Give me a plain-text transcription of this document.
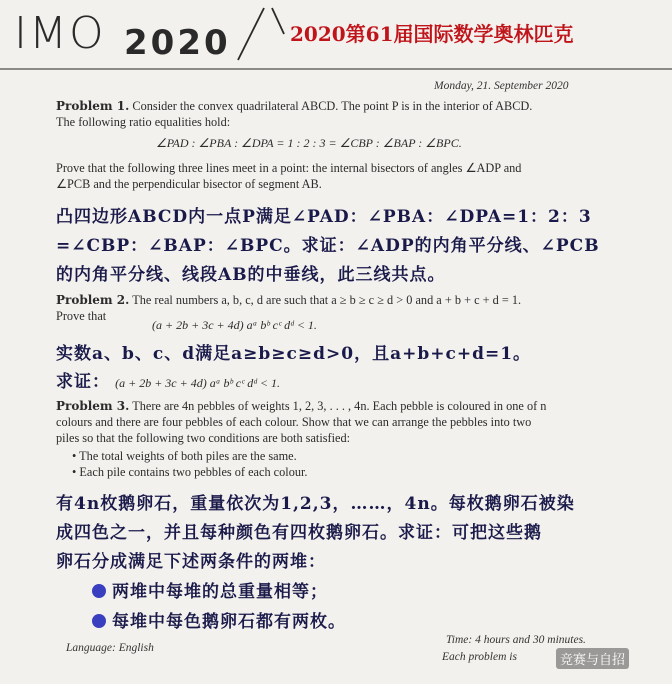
IMO 2020	2020第61届国际数学奥林匹克
Monday, 21. September 2020
Problem 1. Consider the convex quadrilateral ABCD. The point P is in the interior of ABCD.
The following ratio equalities hold:
∠PAD : ∠PBA : ∠DPA = 1 : 2 : 3 = ∠CBP : ∠BAP : ∠BPC.
Prove that the following three lines meet in a point: the internal bisectors of angles ∠ADP and
∠PCB and the perpendicular bisector of segment AB.
凸四边形ABCD内一点P满足∠PAD：∠PBA：∠DPA=1：2：3
=∠CBP：∠BAP：∠BPC。求证：∠ADP的内角平分线、∠PCB
的内角平分线、线段AB的中垂线，此三线共点。
Problem 2. The real numbers a, b, c, d are such that a ≥ b ≥ c ≥ d > 0 and a + b + c + d = 1.
Prove that
(a + 2b + 3c + 4d) aᵃ bᵇ cᶜ dᵈ < 1.
实数a、b、c、d满足a≥b≥c≥d>0，且a+b+c+d=1。
求证： (a + 2b + 3c + 4d) aᵃ bᵇ cᶜ dᵈ < 1.
Problem 3. There are 4n pebbles of weights 1, 2, 3, . . . , 4n. Each pebble is coloured in one of n
colours and there are four pebbles of each colour. Show that we can arrange the pebbles into two
piles so that the following two conditions are both satisfied:
• The total weights of both piles are the same.
• Each pile contains two pebbles of each colour.
有4n枚鹅卵石，重量依次为1,2,3，……，4n。每枚鹅卵石被染
成四色之一，并且每种颜色有四枚鹅卵石。求证：可把这些鹅
卵石分成满足下述两条件的两堆：
两堆中每堆的总重量相等；
每堆中每色鹅卵石都有两枚。
Language: English
Time: 4 hours and 30 minutes.
Each problem is	竞赛与自招
